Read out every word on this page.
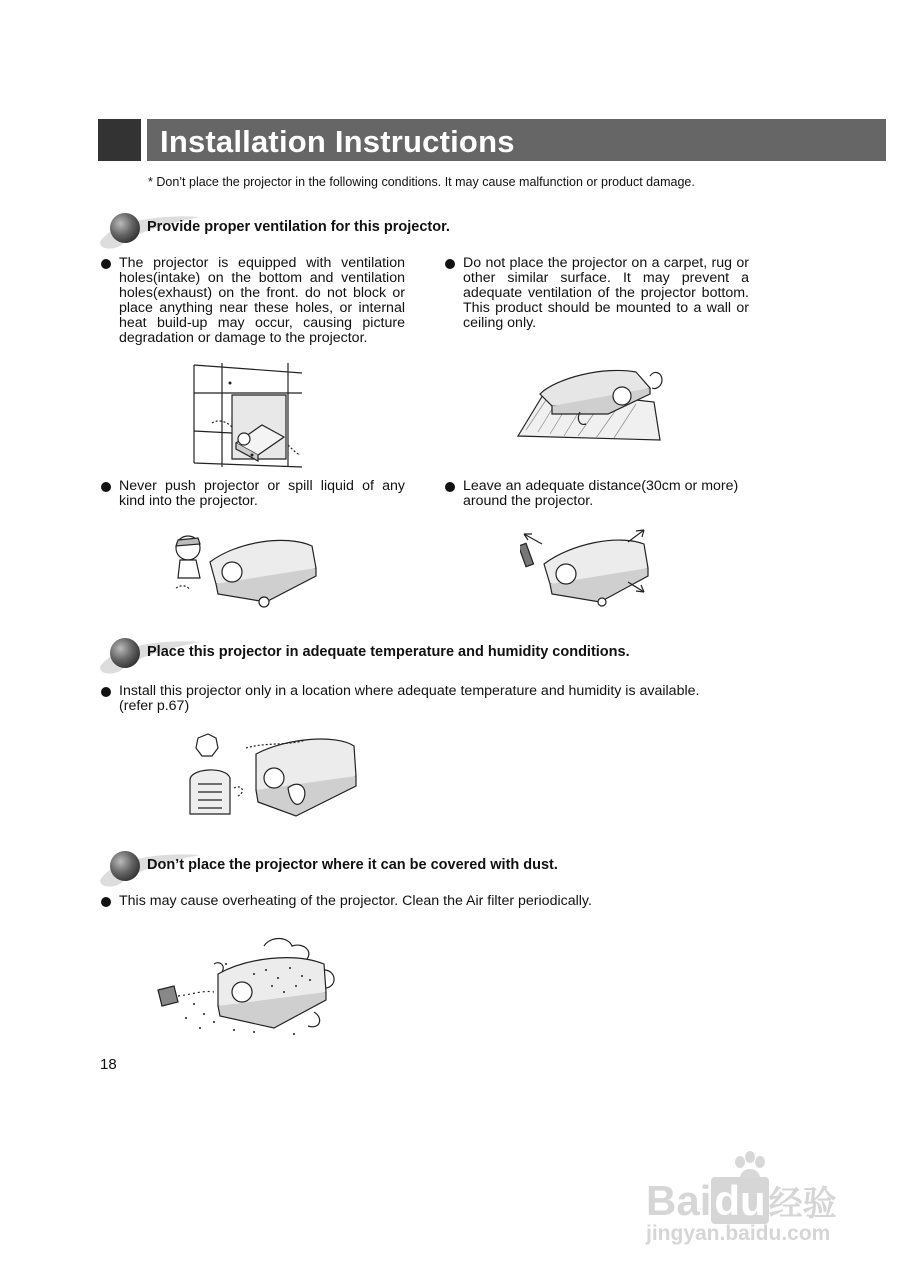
Installation Instructions
* Don’t place the projector in the following conditions. It may cause malfunction or product damage.
Provide proper ventilation for this projector.
The projector is equipped with ventilation holes(intake) on the bottom and ventilation holes(exhaust) on the front. do not block or place anything near these holes, or internal heat build-up may occur, causing picture degradation or damage to the projector.
Do not place the projector on a carpet, rug or other similar surface. It may prevent a adequate ventilation of the projector bottom. This product should be mounted to a wall or ceiling only.
Never push projector or spill liquid of any kind into the projector.
Leave an adequate distance(30cm or more) around the projector.
Place this projector in adequate temperature and humidity conditions.
Install this projector only in a location where adequate temperature and humidity is available.
(refer p.67)
Don’t place the projector where it can be covered with dust.
This may cause overheating of the projector. Clean the Air filter periodically.
18
Baidu经验
jingyan.baidu.com
